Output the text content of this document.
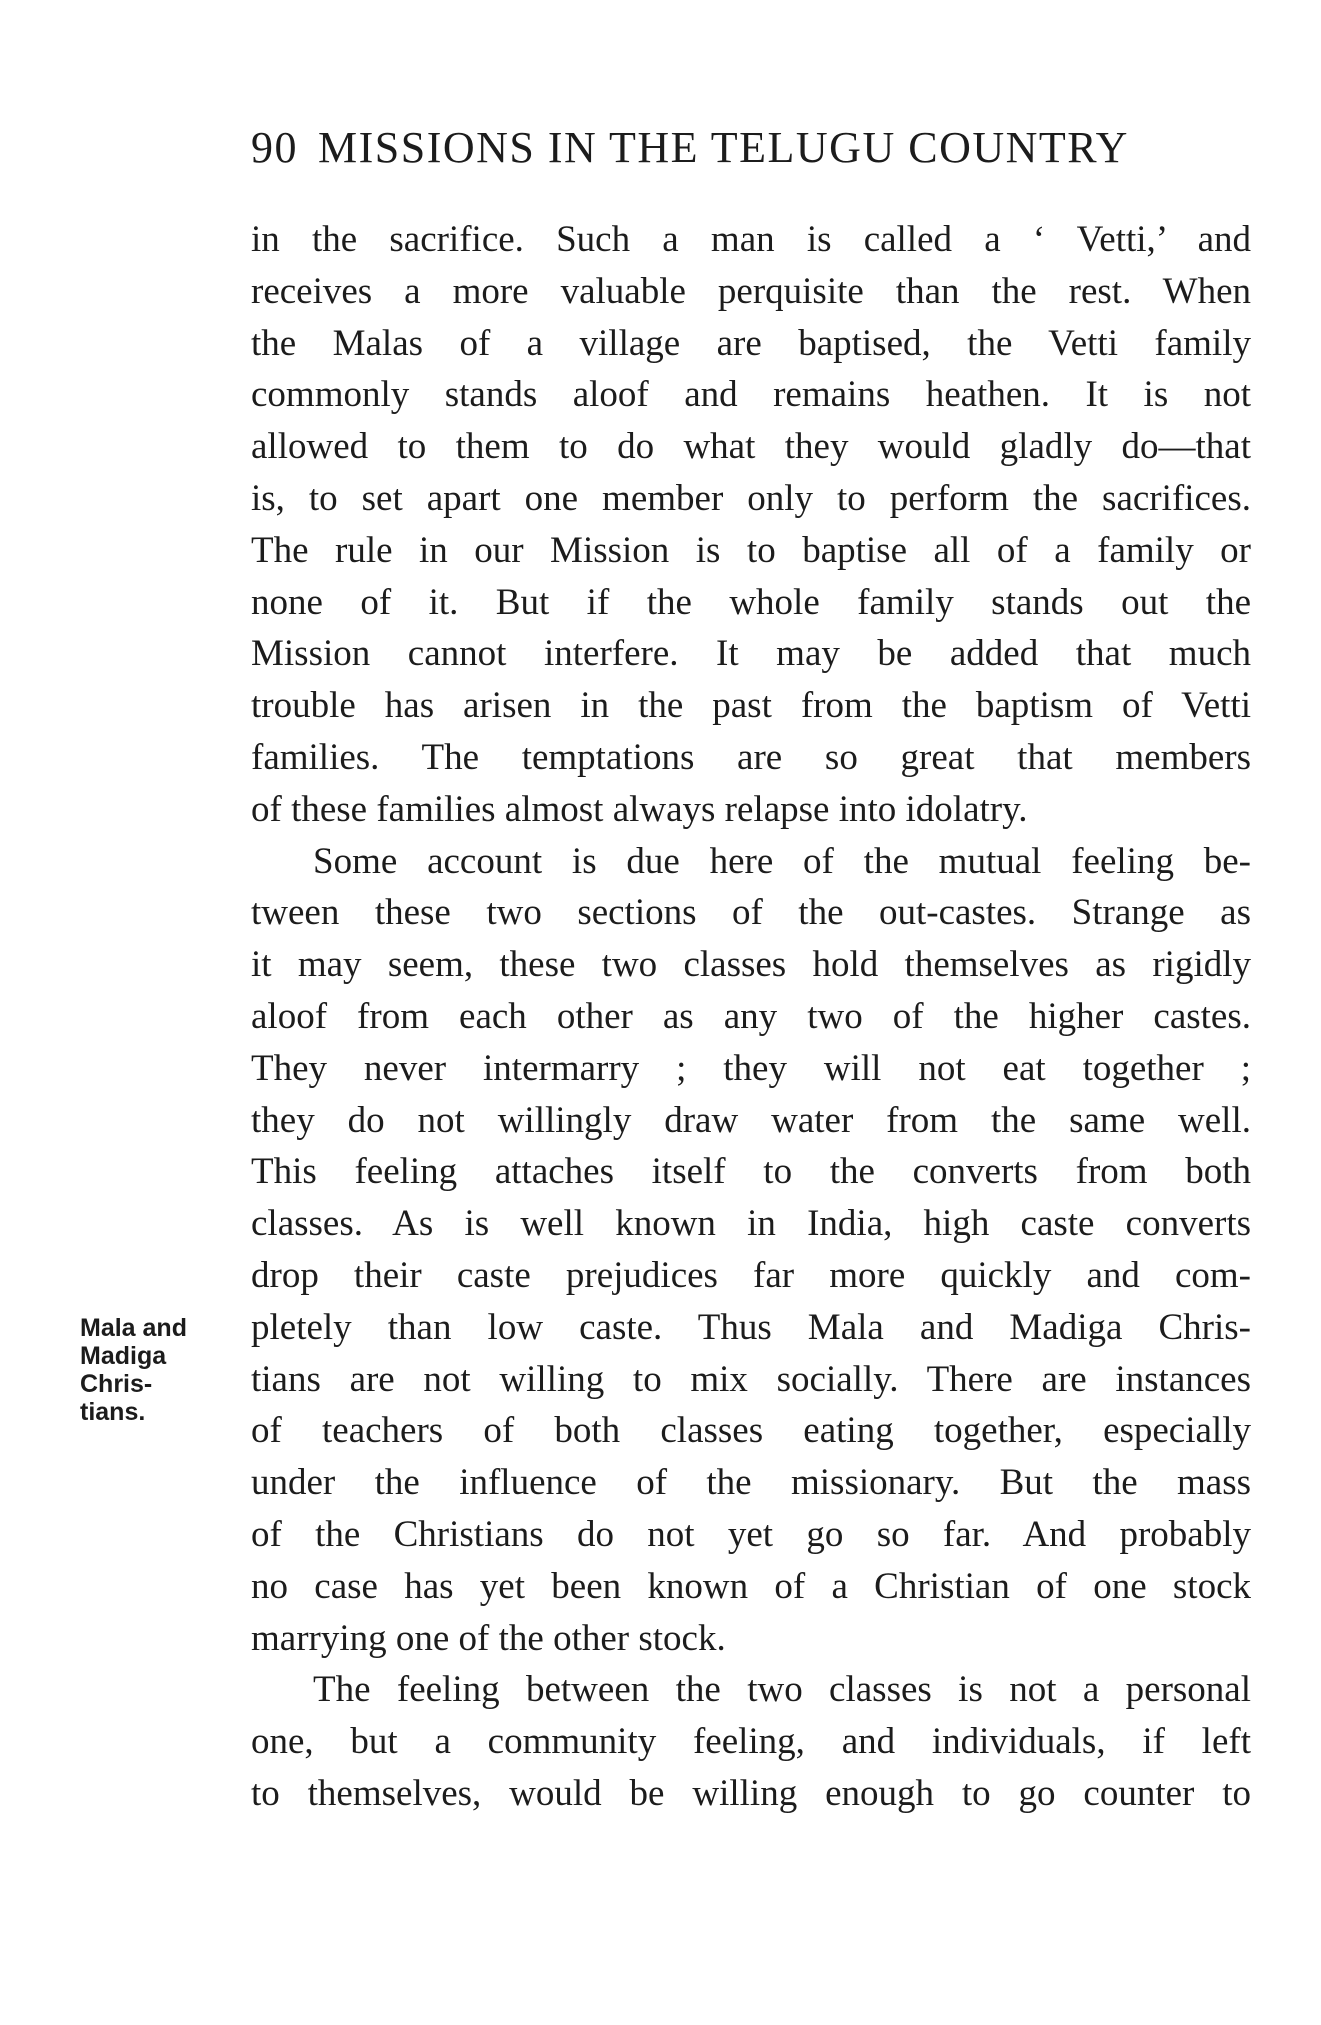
90 MISSIONS IN THE TELUGU COUNTRY
Mala and
Madiga
Chris-
tians.
in the sacrifice. Such a man is called a ‘ Vetti,’ and
receives a more valuable perquisite than the rest. When
the Malas of a village are baptised, the Vetti family
commonly stands aloof and remains heathen. It is not
allowed to them to do what they would gladly do—that
is, to set apart one member only to perform the sacrifices.
The rule in our Mission is to baptise all of a family or
none of it. But if the whole family stands out the
Mission cannot interfere. It may be added that much
trouble has arisen in the past from the baptism of Vetti
families. The temptations are so great that members
of these families almost always relapse into idolatry.
Some account is due here of the mutual feeling be-
tween these two sections of the out-castes. Strange as
it may seem, these two classes hold themselves as rigidly
aloof from each other as any two of the higher castes.
They never intermarry ; they will not eat together ;
they do not willingly draw water from the same well.
This feeling attaches itself to the converts from both
classes. As is well known in India, high caste converts
drop their caste prejudices far more quickly and com-
pletely than low caste. Thus Mala and Madiga Chris-
tians are not willing to mix socially. There are instances
of teachers of both classes eating together, especially
under the influence of the missionary. But the mass
of the Christians do not yet go so far. And probably
no case has yet been known of a Christian of one stock
marrying one of the other stock.
The feeling between the two classes is not a personal
one, but a community feeling, and individuals, if left
to themselves, would be willing enough to go counter to
